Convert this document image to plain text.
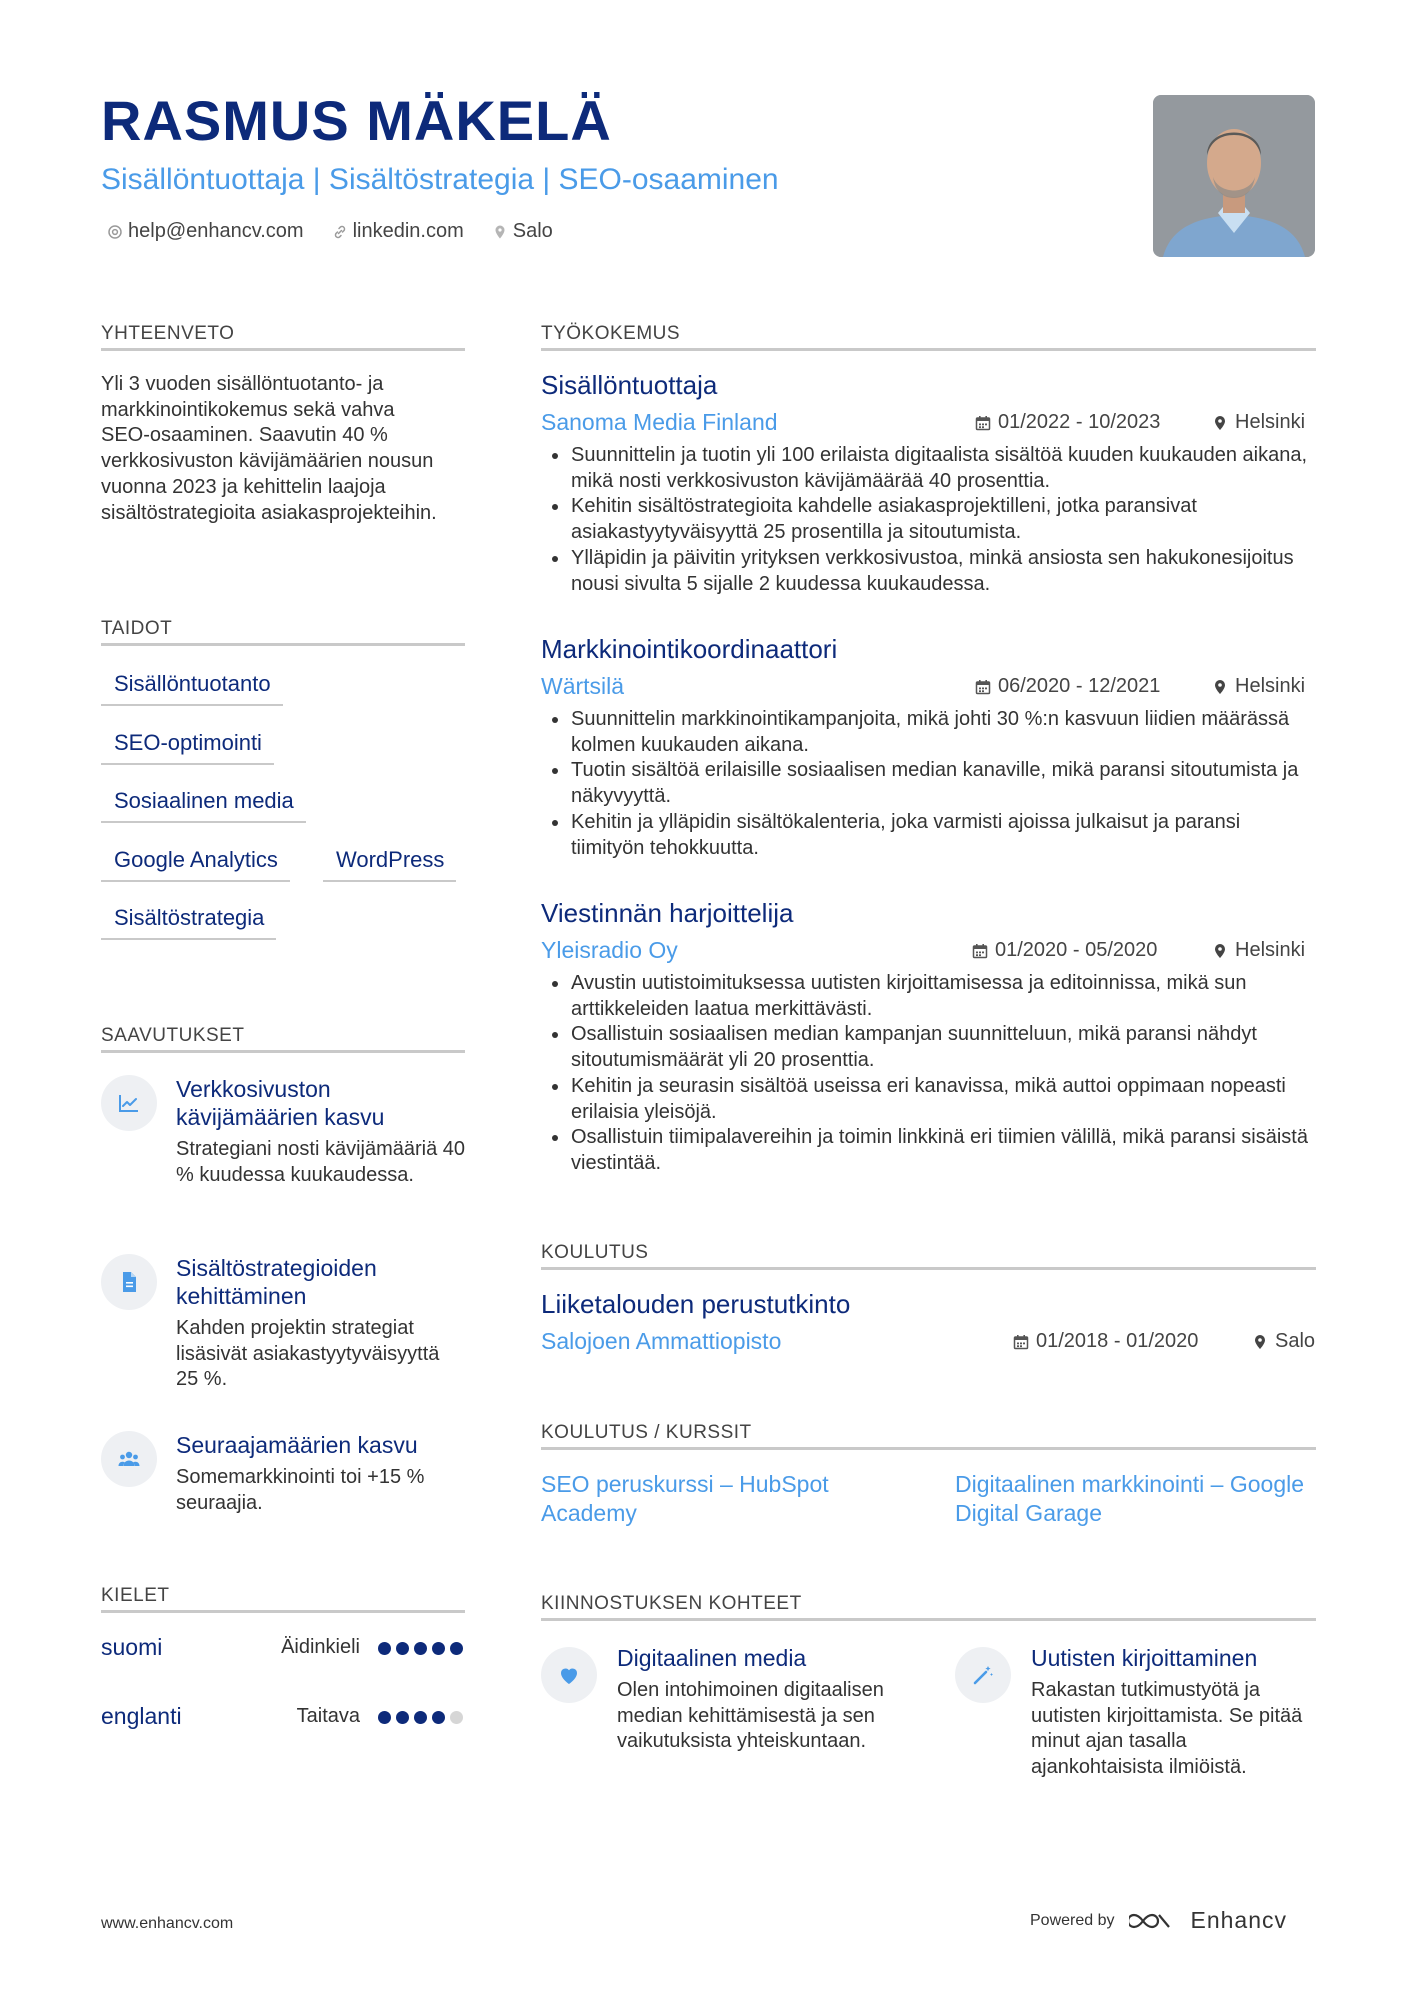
RASMUS MÄKELÄ
Sisällöntuottaja | Sisältöstrategia | SEO-osaaminen
help@enhancv.com linkedin.com Salo
YHTEENVETO
Yli 3 vuoden sisällöntuotanto- ja markkinointikokemus sekä vahva SEO-osaaminen. Saavutin 40 % verkkosivuston kävijämäärien nousun vuonna 2023 ja kehittelin laajoja sisältöstrategioita asiakasprojekteihin.
TAIDOT
Sisällöntuotanto
SEO-optimointi
Sosiaalinen media
Google Analytics	WordPress
Sisältöstrategia
SAAVUTUKSET
Verkkosivuston kävijämäärien kasvu
Strategiani nosti kävijämääriä 40 % kuudessa kuukaudessa.
Sisältöstrategioiden kehittäminen
Kahden projektin strategiat lisäsivät asiakastyytyväisyyttä 25 %.
Seuraajamäärien kasvu
Somemarkkinointi toi +15 % seuraajia.
KIELET
suomi	Äidinkieli
englanti	Taitava
TYÖKOKEMUS
Sisällöntuottaja
Sanoma Media Finland	01/2022 - 10/2023	Helsinki
Suunnittelin ja tuotin yli 100 erilaista digitaalista sisältöä kuuden kuukauden aikana, mikä nosti verkkosivuston kävijämäärää 40 prosenttia.
Kehitin sisältöstrategioita kahdelle asiakasprojektilleni, jotka paransivat asiakastyytyväisyyttä 25 prosentilla ja sitoutumista.
Ylläpidin ja päivitin yrityksen verkkosivustoa, minkä ansiosta sen hakukonesijoitus nousi sivulta 5 sijalle 2 kuudessa kuukaudessa.
Markkinointikoordinaattori
Wärtsilä	06/2020 - 12/2021	Helsinki
Suunnittelin markkinointikampanjoita, mikä johti 30 %:n kasvuun liidien määrässä kolmen kuukauden aikana.
Tuotin sisältöä erilaisille sosiaalisen median kanaville, mikä paransi sitoutumista ja näkyvyyttä.
Kehitin ja ylläpidin sisältökalenteria, joka varmisti ajoissa julkaisut ja paransi tiimityön tehokkuutta.
Viestinnän harjoittelija
Yleisradio Oy	01/2020 - 05/2020	Helsinki
Avustin uutistoimituksessa uutisten kirjoittamisessa ja editoinnissa, mikä sun arttikkeleiden laatua merkittävästi.
Osallistuin sosiaalisen median kampanjan suunnitteluun, mikä paransi nähdyt sitoutumismäärät yli 20 prosenttia.
Kehitin ja seurasin sisältöä useissa eri kanavissa, mikä auttoi oppimaan nopeasti erilaisia yleisöjä.
Osallistuin tiimipalavereihin ja toimin linkkinä eri tiimien välillä, mikä paransi sisäistä viestintää.
KOULUTUS
Liiketalouden perustutkinto
Salojoen Ammattiopisto	01/2018 - 01/2020	Salo
KOULUTUS / KURSSIT
SEO peruskurssi – HubSpot Academy
Digitaalinen markkinointi – Google Digital Garage
KIINNOSTUKSEN KOHTEET
Digitaalinen media
Olen intohimoinen digitaalisen median kehittämisestä ja sen vaikutuksista yhteiskuntaan.
Uutisten kirjoittaminen
Rakastan tutkimustyötä ja uutisten kirjoittamista. Se pitää minut ajan tasalla ajankohtaisista ilmiöistä.
www.enhancv.com	Powered by	Enhancv
